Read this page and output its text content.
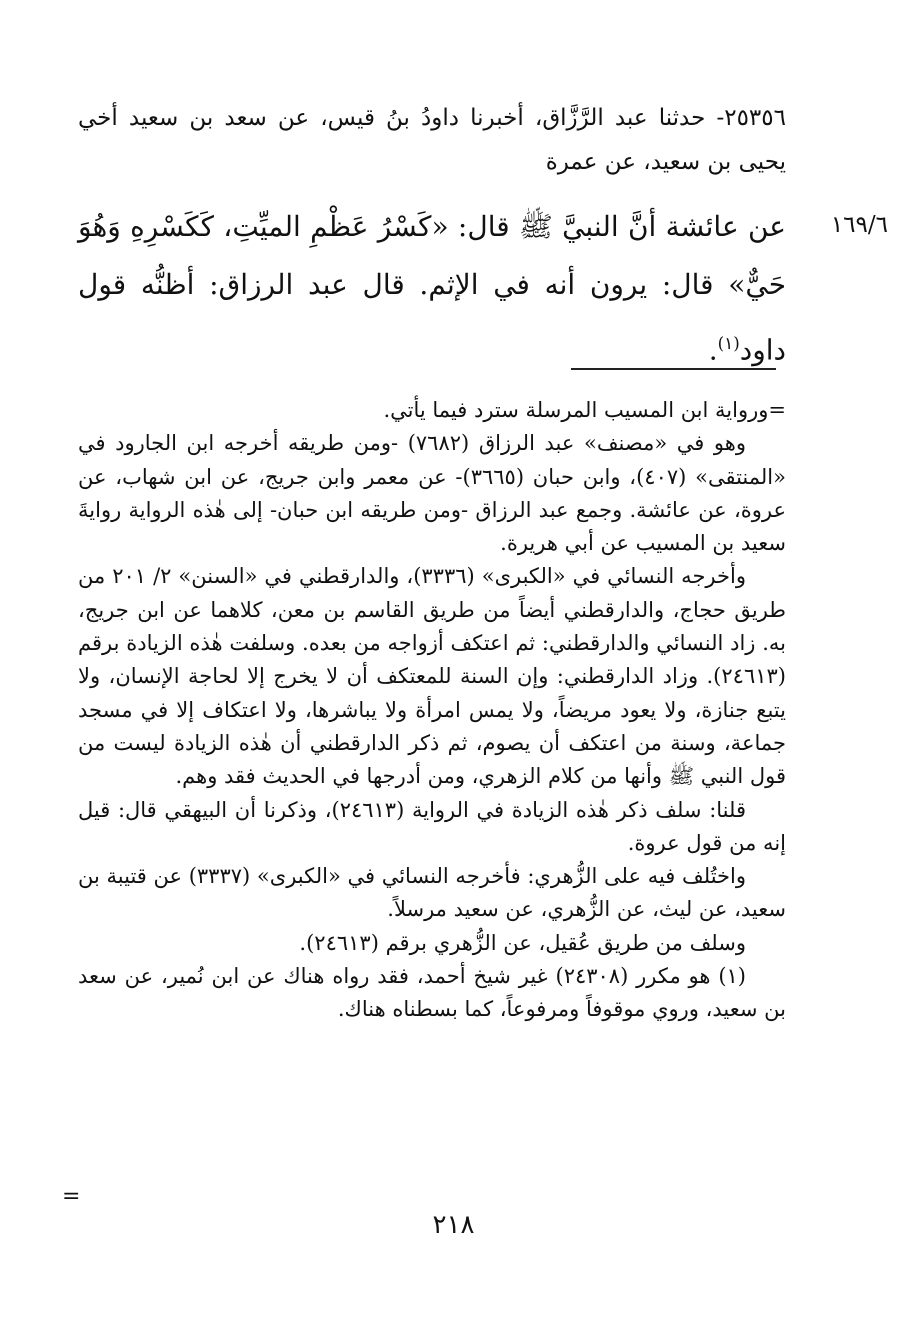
٢٥٣٥٦- حدثنا عبد الرَّزَّاق، أخبرنا داودُ بنُ قيس، عن سعد بن سعيد أخي يحيى بن سعيد، عن عمرة
١٦٩/٦
عن عائشة أنَّ النبيَّ ﷺ قال: «كَسْرُ عَظْمِ الميِّتِ، كَكَسْرِهِ وَهُوَ حَيٌّ» قال: يرون أنه في الإثم. قال عبد الرزاق: أظنُّه قول داود$^{(١)}$.

=ورواية ابن المسيب المرسلة سترد فيما يأتي.

وهو في «مصنف» عبد الرزاق (٧٦٨٢) -ومن طريقه أخرجه ابن الجارود في «المنتقى» (٤٠٧)، وابن حبان (٣٦٦٥)- عن معمر وابن جريج، عن ابن شهاب، عن عروة، عن عائشة. وجمع عبد الرزاق -ومن طريقه ابن حبان- إلى هٰذه الرواية روايةَ سعيد بن المسيب عن أبي هريرة.

وأخرجه النسائي في «الكبرى» (٣٣٣٦)، والدارقطني في «السنن» ٢/ ٢٠١ من طريق حجاج، والدارقطني أيضاً من طريق القاسم بن معن، كلاهما عن ابن جريج، به. زاد النسائي والدارقطني: ثم اعتكف أزواجه من بعده. وسلفت هٰذه الزيادة برقم (٢٤٦١٣). وزاد الدارقطني: وإن السنة للمعتكف أن لا يخرج إلا لحاجة الإنسان، ولا يتبع جنازة، ولا يعود مريضاً، ولا يمس امرأة ولا يباشرها، ولا اعتكاف إلا في مسجد جماعة، وسنة من اعتكف أن يصوم، ثم ذكر الدارقطني أن هٰذه الزيادة ليست من قول النبي ﷺ وأنها من كلام الزهري، ومن أدرجها في الحديث فقد وهم.

قلنا: سلف ذكر هٰذه الزيادة في الرواية (٢٤٦١٣)، وذكرنا أن البيهقي قال: قيل إنه من قول عروة.

واختُلف فيه على الزُّهري: فأخرجه النسائي في «الكبرى» (٣٣٣٧) عن قتيبة بن سعيد، عن ليث، عن الزُّهري، عن سعيد مرسلاً.

وسلف من طريق عُقيل، عن الزُّهري برقم (٢٤٦١٣).

(١) هو مكرر (٢٤٣٠٨) غير شيخ أحمد، فقد رواه هناك عن ابن نُمير، عن سعد بن سعيد، وروي موقوفاً ومرفوعاً، كما بسطناه هناك.

=
٢١٨
